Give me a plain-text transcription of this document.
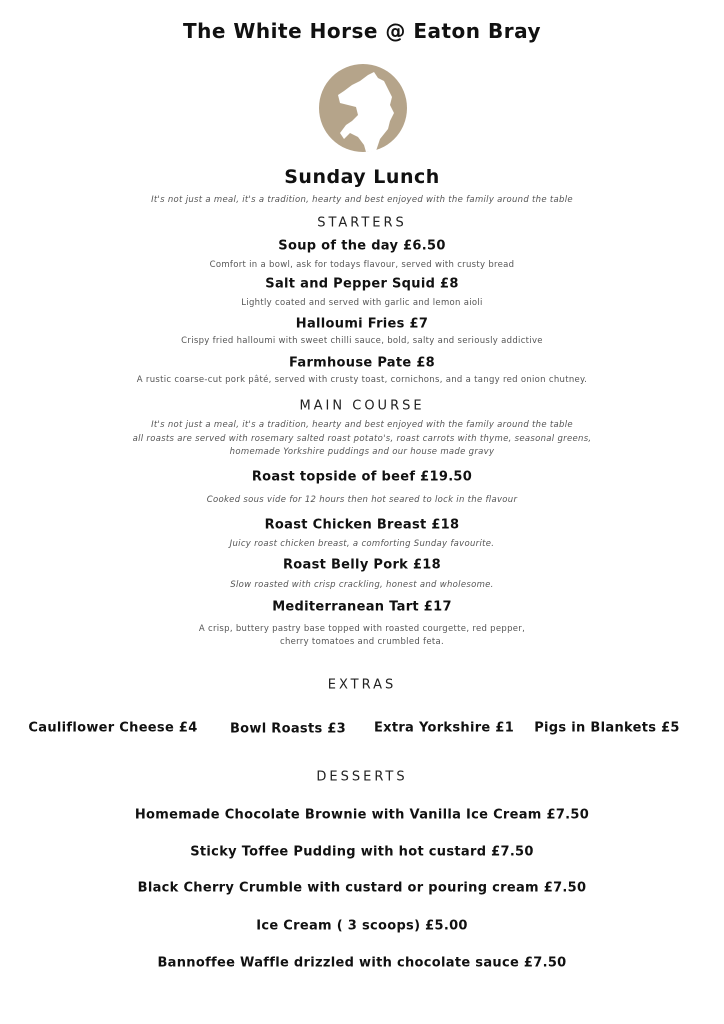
The White Horse @ Eaton Bray
Sunday Lunch
It's not just a meal, it's a tradition, hearty and best enjoyed with the family around the table
STARTERS
Soup of the day £6.50
Comfort in a bowl, ask for todays flavour, served with crusty bread
Salt and Pepper Squid £8
Lightly coated and served with garlic and lemon aioli
Halloumi Fries £7
Crispy fried halloumi with sweet chilli sauce, bold, salty and seriously addictive
Farmhouse Pate £8
A rustic coarse-cut pork pâté, served with crusty toast, cornichons, and a tangy red onion chutney.
MAIN COURSE
It's not just a meal, it's a tradition, hearty and best enjoyed with the family around the table
all roasts are served with rosemary salted roast potato's, roast carrots with thyme, seasonal greens,
homemade Yorkshire puddings and our house made gravy
Roast topside of beef £19.50
Cooked sous vide for 12 hours then hot seared to lock in the flavour
Roast Chicken Breast £18
Juicy roast chicken breast, a comforting Sunday favourite.
Roast Belly Pork £18
Slow roasted with crisp crackling, honest and wholesome.
Mediterranean Tart £17
A crisp, buttery pastry base topped with roasted courgette, red pepper,
cherry tomatoes and crumbled feta.
EXTRAS
Cauliflower Cheese £4 Bowl Roasts £3 Extra Yorkshire £1 Pigs in Blankets £5
DESSERTS
Homemade Chocolate Brownie with Vanilla Ice Cream £7.50
Sticky Toffee Pudding with hot custard £7.50
Black Cherry Crumble with custard or pouring cream £7.50
Ice Cream ( 3 scoops) £5.00
Bannoffee Waffle drizzled with chocolate sauce £7.50
